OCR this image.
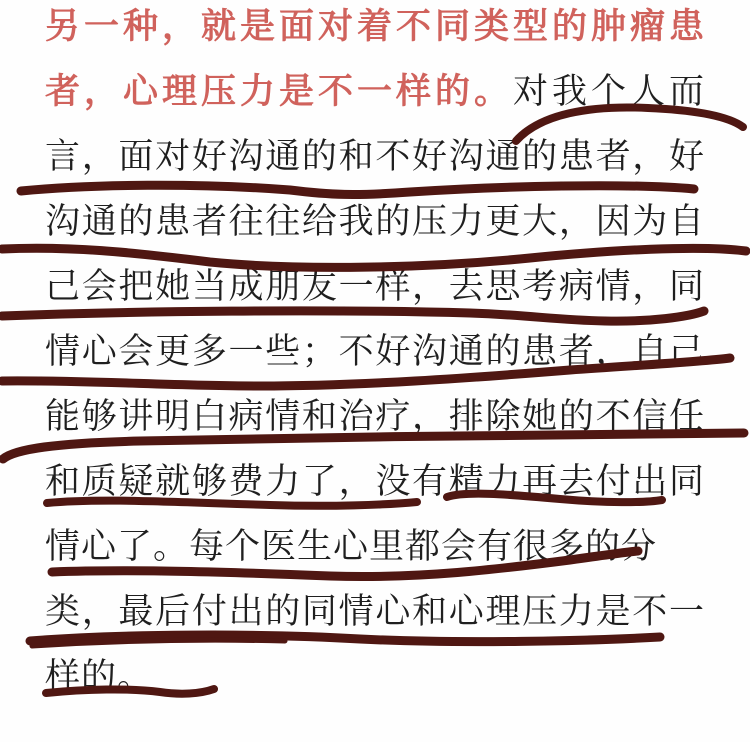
另一种，就是面对着不同类型的肿瘤患
者，心理压力是不一样的。对我个人而
言，面对好沟通的和不好沟通的患者，好
沟通的患者往往给我的压力更大，因为自
己会把她当成朋友一样，去思考病情，同
情心会更多一些；不好沟通的患者，自己
能够讲明白病情和治疗，排除她的不信任
和质疑就够费力了，没有精力再去付出同
情心了。每个医生心里都会有很多的分
类，最后付出的同情心和心理压力是不一
样的。
